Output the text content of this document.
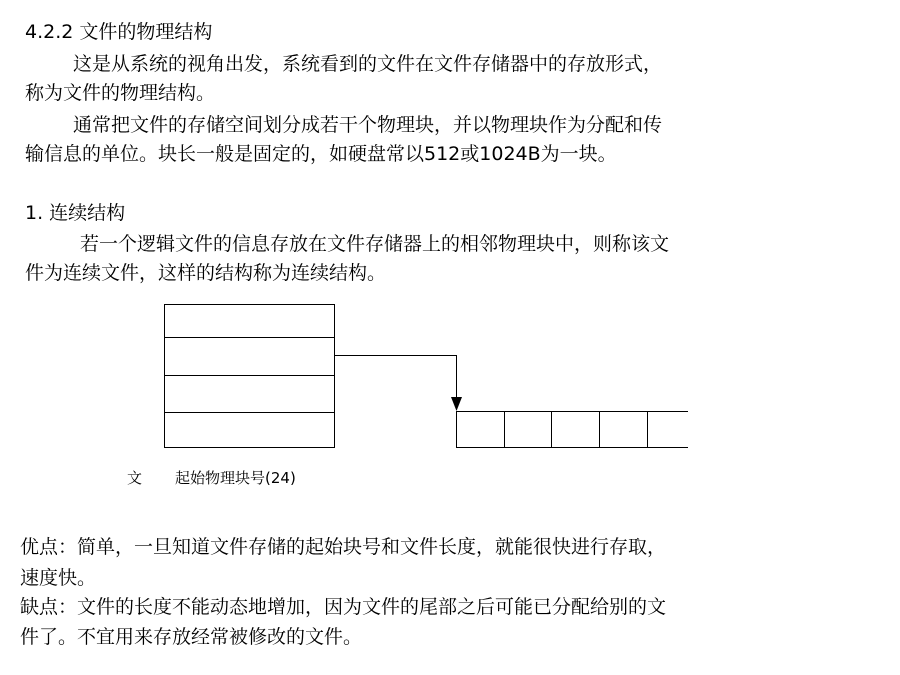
4.2.2 文件的物理结构
这是从系统的视角出发，系统看到的文件在文件存储器中的存放形式，
称为文件的物理结构。
通常把文件的存储空间划分成若干个物理块，并以物理块作为分配和传
输信息的单位。块长一般是固定的，如硬盘常以512或1024B为一块。
1. 连续结构
若一个逻辑文件的信息存放在文件存储器上的相邻物理块中，则称该文
件为连续文件，这样的结构称为连续结构。
文 起始物理块号(24)
优点：简单，一旦知道文件存储的起始块号和文件长度，就能很快进行存取，
速度快。
缺点：文件的长度不能动态地增加，因为文件的尾部之后可能已分配给别的文
件了。不宜用来存放经常被修改的文件。
